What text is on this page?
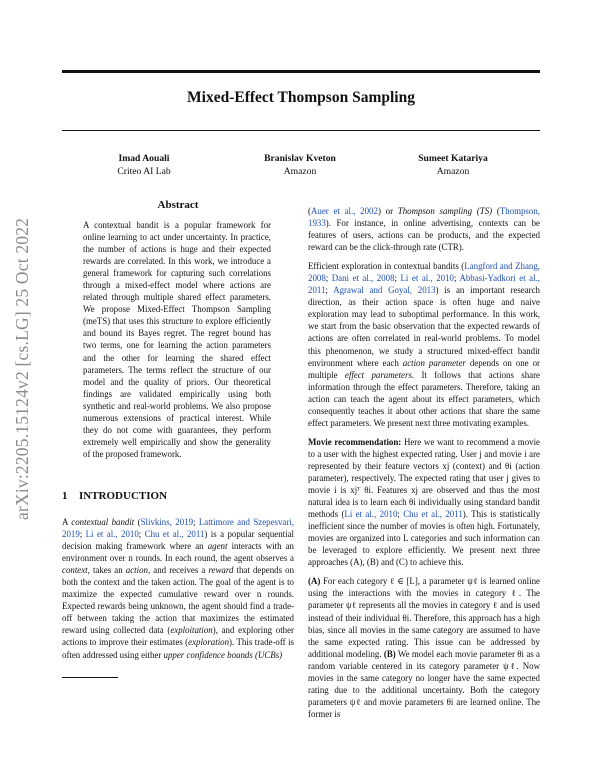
arXiv:2205.15124v2 [cs.LG] 25 Oct 2022
Mixed-Effect Thompson Sampling
Imad Aouali
Criteo AI Lab
Branislav Kveton
Amazon
Sumeet Katariya
Amazon
Abstract
A contextual bandit is a popular framework for online learning to act under uncertainty. In practice, the number of actions is huge and their expected rewards are correlated. In this work, we introduce a general framework for capturing such correlations through a mixed-effect model where actions are related through multiple shared effect parameters. We propose Mixed-Effect Thompson Sampling (meTS) that uses this structure to explore efficiently and bound its Bayes regret. The regret bound has two terms, one for learning the action parameters and the other for learning the shared effect parameters. The terms reflect the structure of our model and the quality of priors. Our theoretical findings are validated empirically using both synthetic and real-world problems. We also propose numerous extensions of practical interest. While they do not come with guarantees, they perform extremely well empirically and show the generality of the proposed framework.
1 INTRODUCTION

A contextual bandit (Slivkins, 2019; Lattimore and Szepesvari, 2019; Li et al., 2010; Chu et al., 2011) is a popular sequential decision making framework where an agent interacts with an environment over n rounds. In each round, the agent observes a context, takes an action, and receives a reward that depends on both the context and the taken action. The goal of the agent is to maximize the expected cumulative reward over n rounds. Expected rewards being unknown, the agent should find a trade-off between taking the action that maximizes the estimated reward using collected data (exploitation), and exploring other actions to improve their estimates (exploration). This trade-off is often addressed using either upper confidence bounds (UCBs)

(Auer et al., 2002) or Thompson sampling (TS) (Thompson, 1933). For instance, in online advertising, contexts can be features of users, actions can be products, and the expected reward can be the click-through rate (CTR).

Efficient exploration in contextual bandits (Langford and Zhang, 2008; Dani et al., 2008; Li et al., 2010; Abbasi-Yadkori et al., 2011; Agrawal and Goyal, 2013) is an important research direction, as their action space is often huge and naive exploration may lead to suboptimal performance. In this work, we start from the basic observation that the expected rewards of actions are often correlated in real-world problems. To model this phenomenon, we study a structured mixed-effect bandit environment where each action parameter depends on one or multiple effect parameters. It follows that actions share information through the effect parameters. Therefore, taking an action can teach the agent about its effect parameters, which consequently teaches it about other actions that share the same effect parameters. We present next three motivating examples.

Movie recommendation: Here we want to recommend a movie to a user with the highest expected rating. User j and movie i are represented by their feature vectors xj (context) and θi (action parameter), respectively. The expected rating that user j gives to movie i is xjᵀ θi. Features xj are observed and thus the most natural idea is to learn each θi individually using standard bandit methods (Li et al., 2010; Chu et al., 2011). This is statistically inefficient since the number of movies is often high. Fortunately, movies are organized into L categories and such information can be leveraged to explore efficiently. We present next three approaches (A), (B) and (C) to achieve this.

(A) For each category ℓ ∈ [L], a parameter ψℓ is learned online using the interactions with the movies in category ℓ. The parameter ψℓ represents all the movies in category ℓ and is used instead of their individual θi. Therefore, this approach has a high bias, since all movies in the same category are assumed to have the same expected rating. This issue can be addressed by additional modeling. (B) We model each movie parameter θi as a random variable centered in its category parameter ψℓ. Now movies in the same category no longer have the same expected rating due to the additional uncertainty. Both the category parameters ψℓ and movie parameters θi are learned online. The former is
